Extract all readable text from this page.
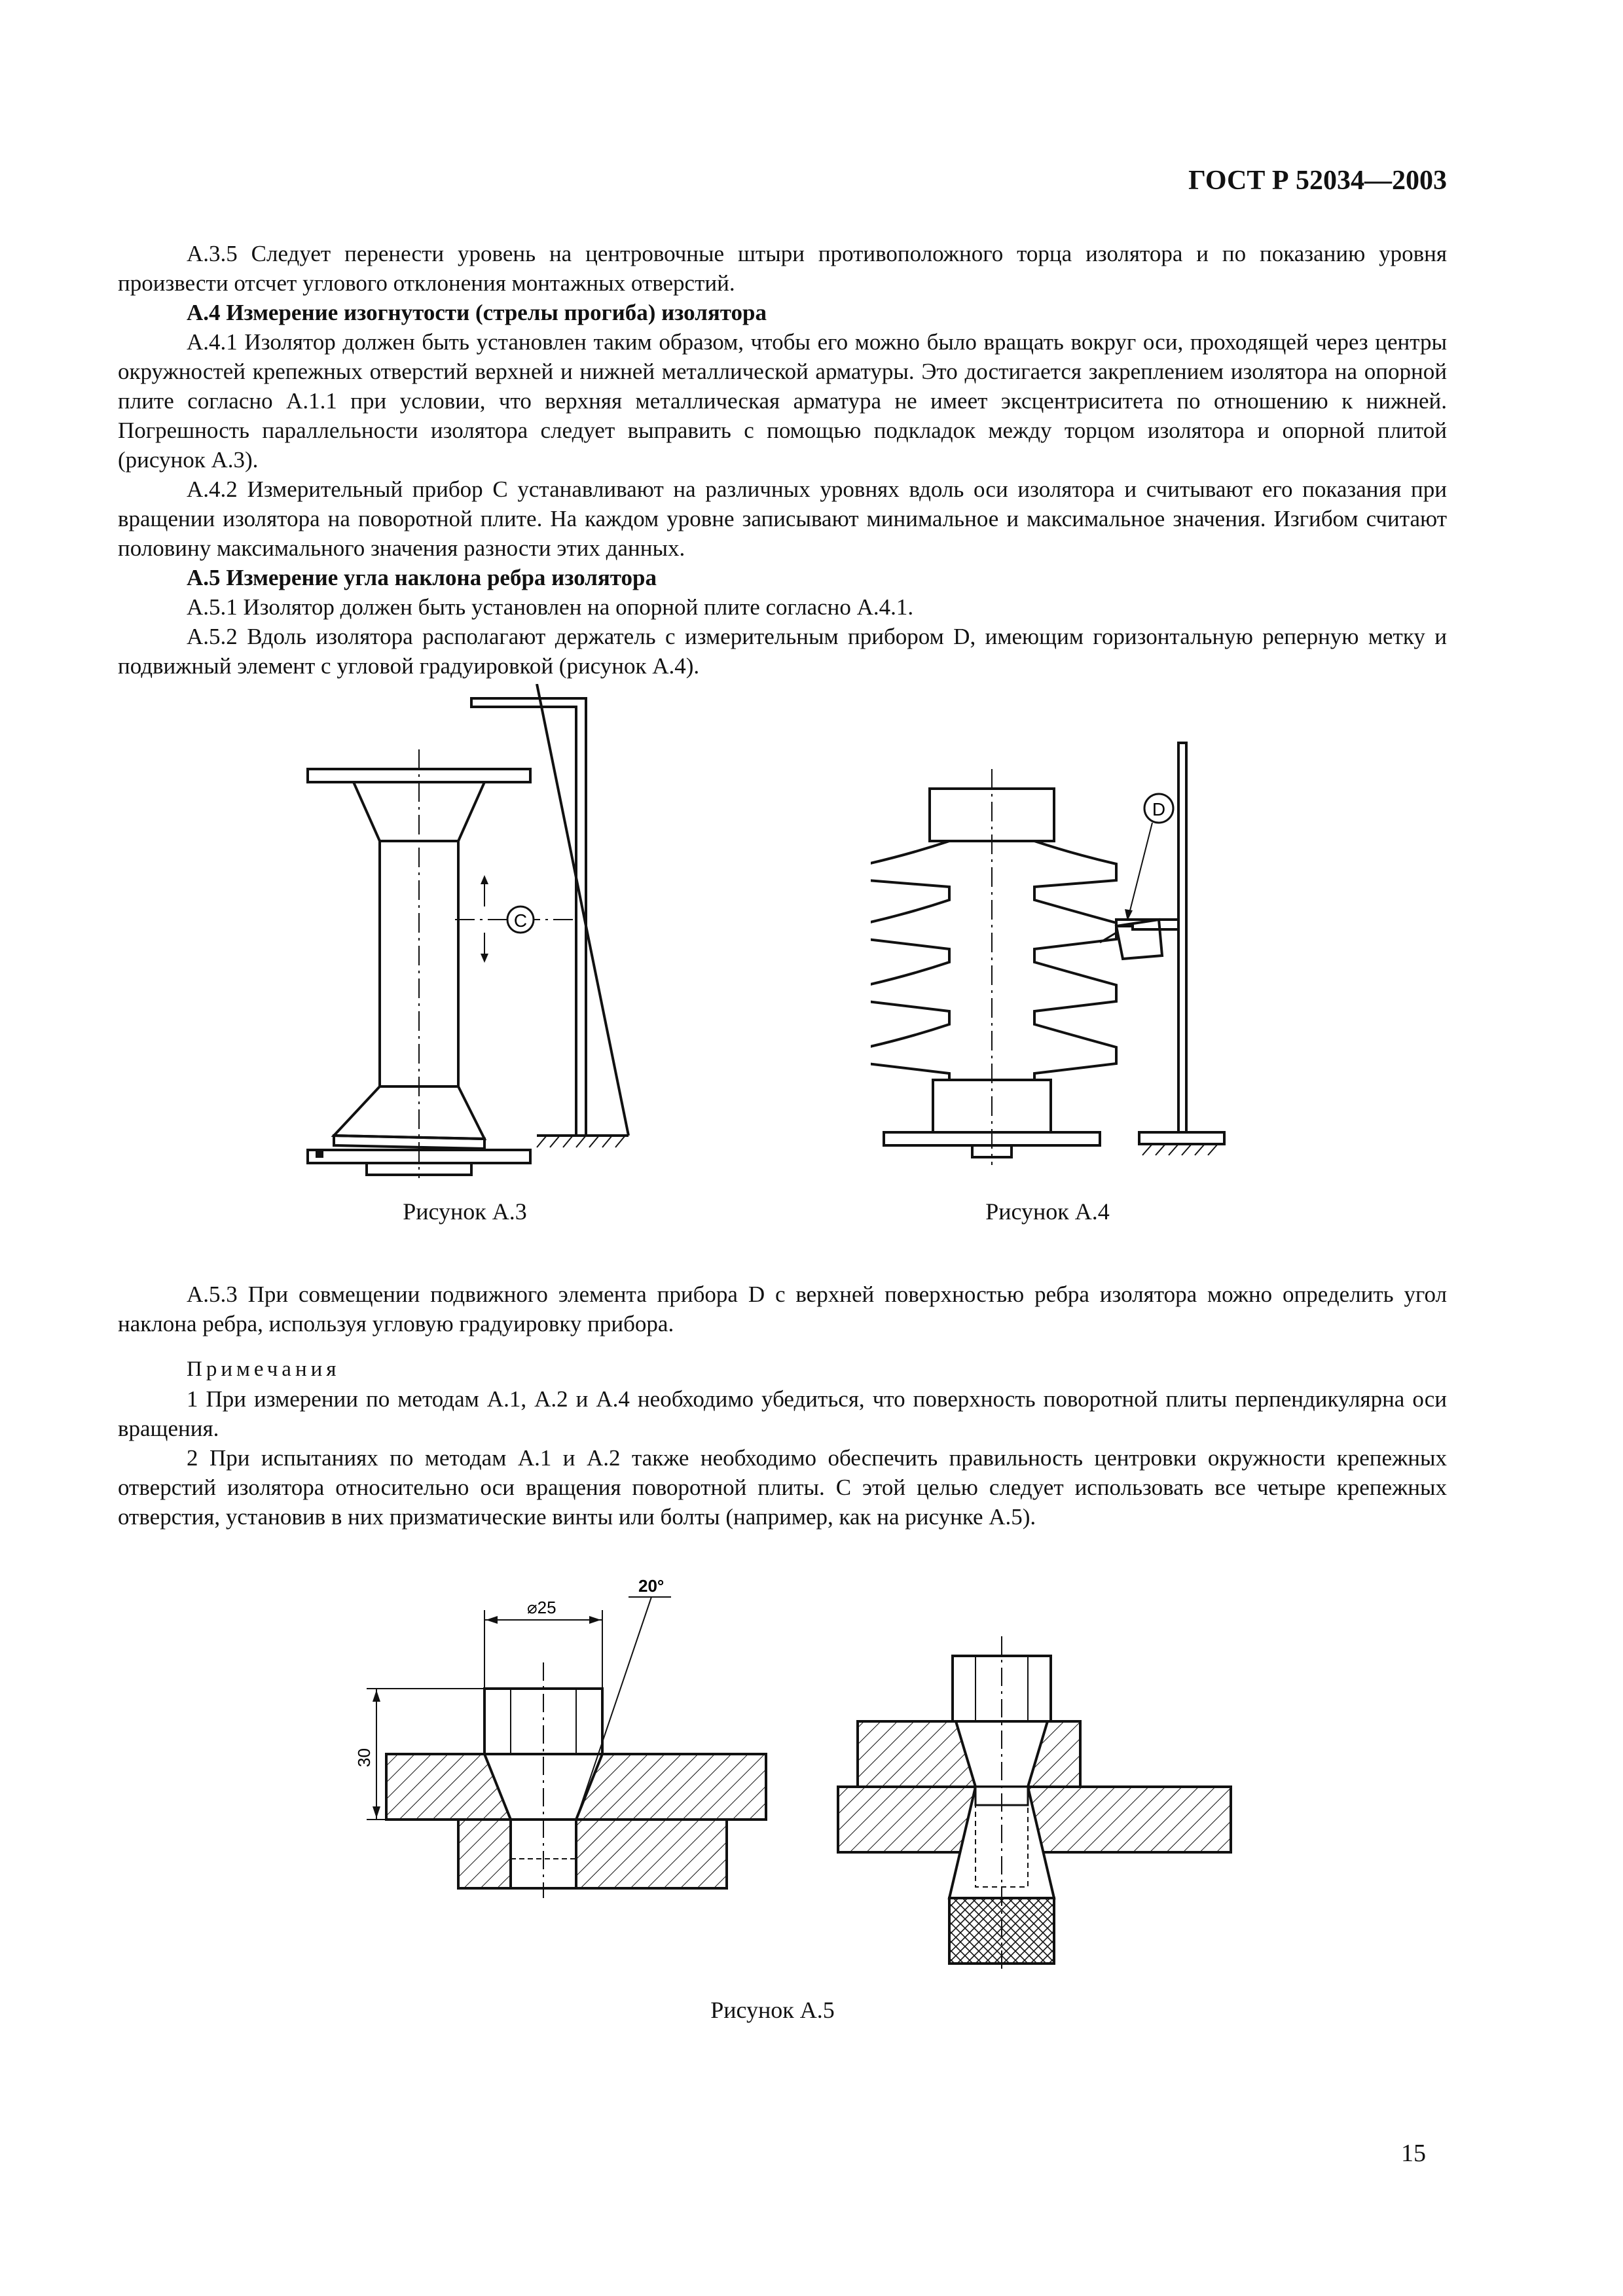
ГОСТ Р 52034—2003

А.3.5 Следует перенести уровень на центровочные штыри противоположного торца изолятора и по показанию уровня произвести отсчет углового отклонения монтажных отверстий.

А.4 Измерение изогнутости (стрелы прогиба) изолятора

А.4.1 Изолятор должен быть установлен таким образом, чтобы его можно было вращать вокруг оси, проходящей через центры окружностей крепежных отверстий верхней и нижней металлической арматуры. Это достигается закреплением изолятора на опорной плите согласно А.1.1 при условии, что верхняя металлическая арматура не имеет эксцентриситета по отношению к нижней. Погрешность параллельности изолятора следует выправить с помощью подкладок между торцом изолятора и опорной плитой (рисунок А.3).

А.4.2 Измерительный прибор C устанавливают на различных уровнях вдоль оси изолятора и считывают его показания при вращении изолятора на поворотной плите. На каждом уровне записывают минимальное и максимальное значения. Изгибом считают половину максимального значения разности этих данных.

А.5 Измерение угла наклона ребра изолятора

А.5.1 Изолятор должен быть установлен на опорной плите согласно А.4.1.

А.5.2 Вдоль изолятора располагают держатель с измерительным прибором D, имеющим горизонтальную реперную метку и подвижный элемент с угловой градуировкой (рисунок А.4).

C
Рисунок А.3
D
Рисунок А.4

А.5.3 При совмещении подвижного элемента прибора D с верхней поверхностью ребра изолятора можно определить угол наклона ребра, используя угловую градуировку прибора.

Примечания

1 При измерении по методам А.1, А.2 и А.4 необходимо убедиться, что поверхность поворотной плиты перпендикулярна оси вращения.

2 При испытаниях по методам А.1 и А.2 также необходимо обеспечить правильность центровки окружности крепежных отверстий изолятора относительно оси вращения поворотной плиты. С этой целью следует использовать все четыре крепежных отверстия, установив в них призматические винты или болты (например, как на рисунке А.5).

⌀25
20°
30
Рисунок А.5
15
